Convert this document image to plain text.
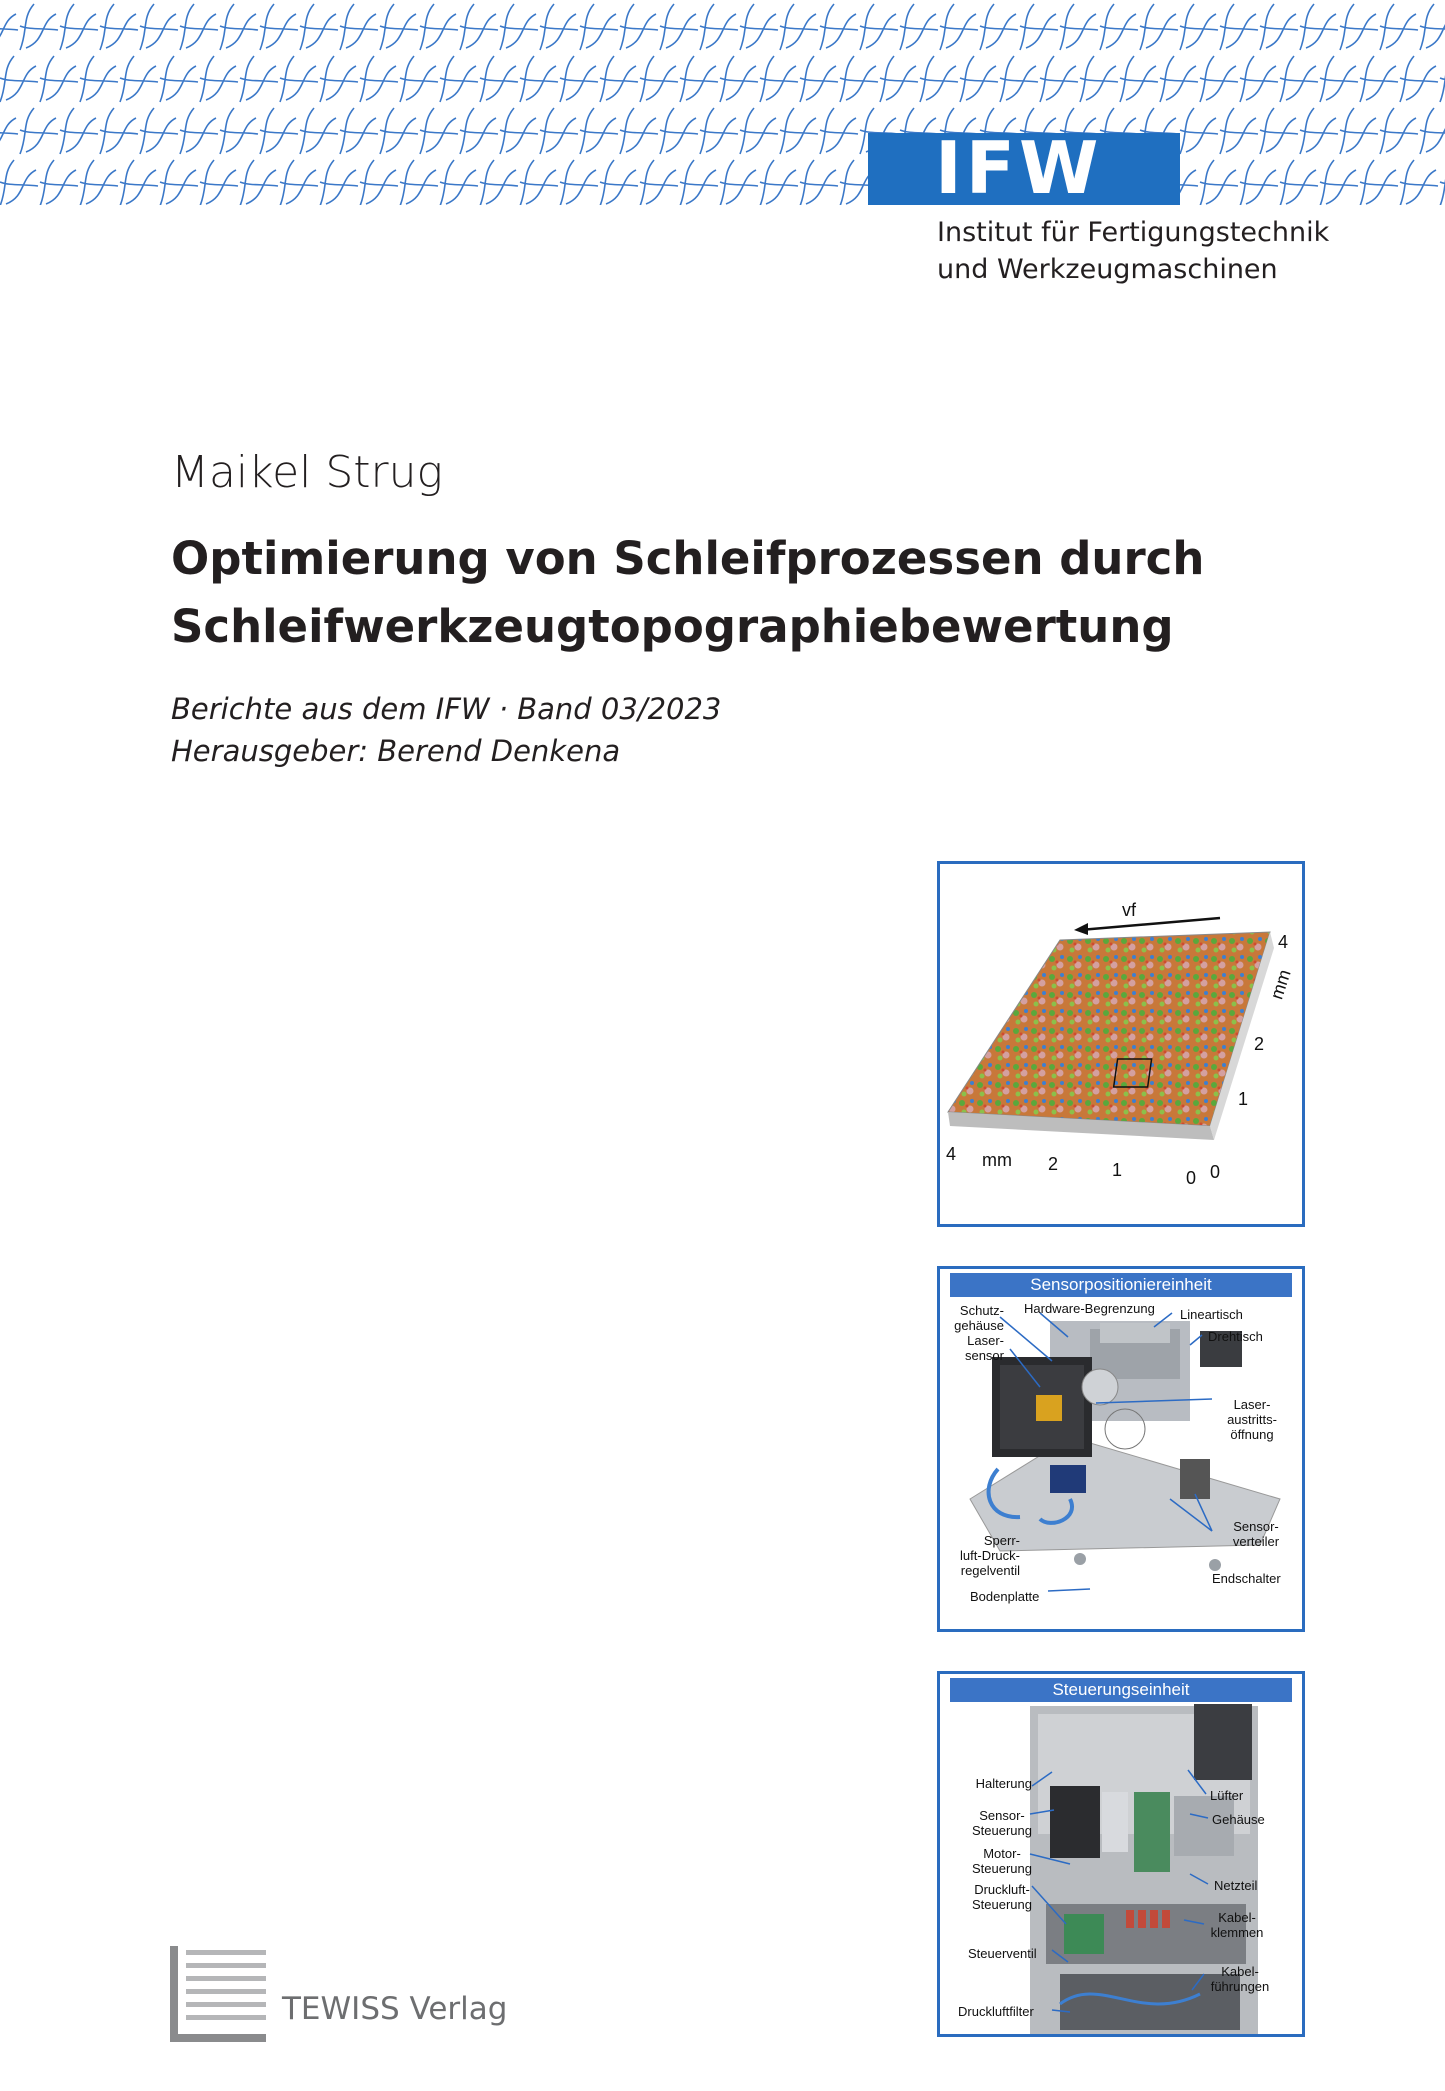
IFW
Institut für Fertigungstechnik
und Werkzeugmaschinen
Maikel Strug
Optimierung von Schleifprozessen durch
Schleifwerkzeugtopographiebewertung
Berichte aus dem IFW · Band 03/2023
Herausgeber: Berend Denkena
vf
4
mm
2
1
0
4 mm 2	1	0
Sensorpositioniereinheit
Schutz-
gehäuse
Laser-
sensor
Hardware-Begrenzung Lineartisch
Drehtisch
Laser-
austritts-
öffnung
Sensor-
verteiler
Sperr-
luft-Druck-
regelventil
Endschalter
Bodenplatte
Steuerungseinheit
Halterung
Sensor-
Steuerung
Motor-
Steuerung
Druckluft-
Steuerung
Steuerventil
Druckluftfilter
Lüfter
Gehäuse
Netzteil
Kabel-
klemmen
Kabel-
führungen
TEWISS Verlag
